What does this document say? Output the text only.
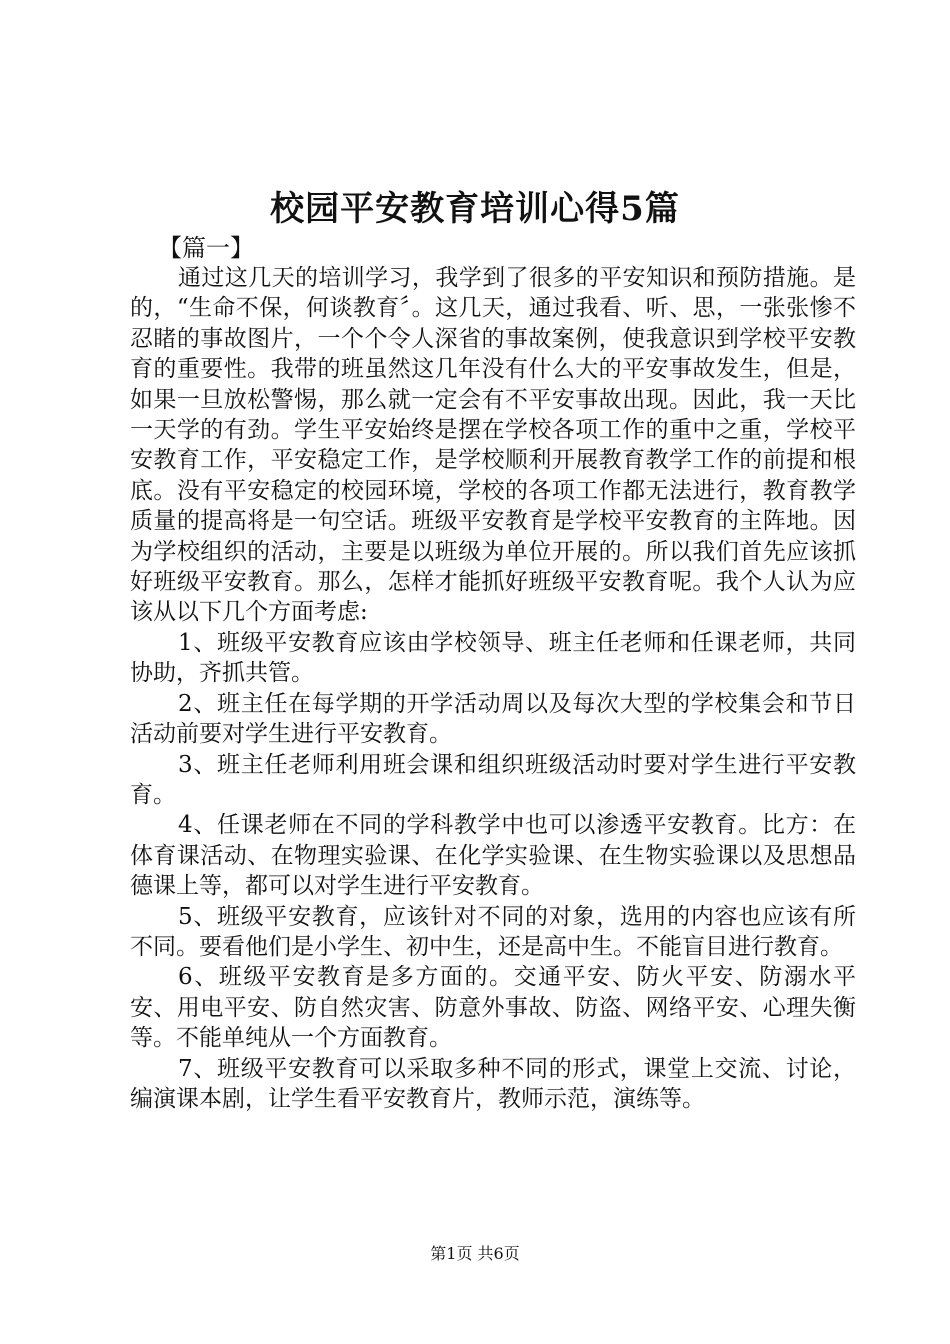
校园平安教育培训心得5篇

【篇一】

通过这几天的培训学习，我学到了很多的平安知识和预防措施。是的，“生命不保，何谈教育〞。这几天，通过我看、听、思，一张张惨不忍睹的事故图片，一个个令人深省的事故案例，使我意识到学校平安教育的重要性。我带的班虽然这几年没有什么大的平安事故发生，但是，如果一旦放松警惕，那么就一定会有不平安事故出现。因此，我一天比一天学的有劲。学生平安始终是摆在学校各项工作的重中之重，学校平安教育工作，平安稳定工作，是学校顺利开展教育教学工作的前提和根底。没有平安稳定的校园环境，学校的各项工作都无法进行，教育教学质量的提高将是一句空话。班级平安教育是学校平安教育的主阵地。因为学校组织的活动，主要是以班级为单位开展的。所以我们首先应该抓好班级平安教育。那么，怎样才能抓好班级平安教育呢。我个人认为应该从以下几个方面考虑:

1、班级平安教育应该由学校领导、班主任老师和任课老师，共同协助，齐抓共管。

2、班主任在每学期的开学活动周以及每次大型的学校集会和节日活动前要对学生进行平安教育。

3、班主任老师利用班会课和组织班级活动时要对学生进行平安教育。

4、任课老师在不同的学科教学中也可以渗透平安教育。比方：在体育课活动、在物理实验课、在化学实验课、在生物实验课以及思想品德课上等，都可以对学生进行平安教育。

5、班级平安教育，应该针对不同的对象，选用的内容也应该有所不同。要看他们是小学生、初中生，还是高中生。不能盲目进行教育。

6、班级平安教育是多方面的。交通平安、防火平安、防溺水平安、用电平安、防自然灾害、防意外事故、防盗、网络平安、心理失衡等。不能单纯从一个方面教育。

7、班级平安教育可以采取多种不同的形式，课堂上交流、讨论，编演课本剧，让学生看平安教育片，教师示范，演练等。

第1页 共6页
